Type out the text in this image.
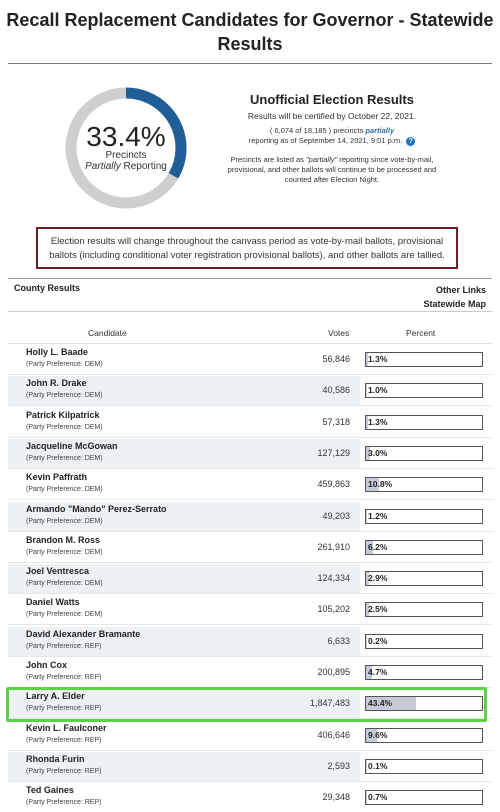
Recall Replacement Candidates for Governor - Statewide Results
33.4%
Precincts
Partially Reporting
Unofficial Election Results
Results will be certified by October 22, 2021.
( 6,074 of 18,185 ) precincts partially
reporting as of September 14, 2021, 9:01 p.m. ?
Precincts are listed as "partially" reporting since vote-by-mail, provisional, and other ballots will continue to be processed and counted after Election Night.
Election results will change throughout the canvass period as vote-by-mail ballots, provisional ballots (including conditional voter registration provisional ballots), and other ballots are tallied.
County Results	Other Links
Statewide Map
Candidate	Votes	Percent
Holly L. Baade
(Party Preference: DEM)
56,846 1.3%
John R. Drake
(Party Preference: DEM)
40,586 1.0%
Patrick Kilpatrick
(Party Preference: DEM)
57,318 1.3%
Jacqueline McGowan
(Party Preference: DEM)
127,129 3.0%
Kevin Paffrath
(Party Preference: DEM)
459,863 10.8%
Armando "Mando" Perez-Serrato
(Party Preference: DEM)
49,203 1.2%
Brandon M. Ross
(Party Preference: DEM)
261,910 6.2%
Joel Ventresca
(Party Preference: DEM)
124,334 2.9%
Daniel Watts
(Party Preference: DEM)
105,202 2.5%
David Alexander Bramante
(Party Preference: REP)
6,633 0.2%
John Cox
(Party Preference: REP)
200,895 4.7%
Larry A. Elder
(Party Preference: REP)
1,847,483 43.4%
Kevin L. Faulconer
(Party Preference: REP)
406,646 9.6%
Rhonda Furin
(Party Preference: REP)
2,593 0.1%
Ted Gaines
(Party Preference: REP)
29,348 0.7%
